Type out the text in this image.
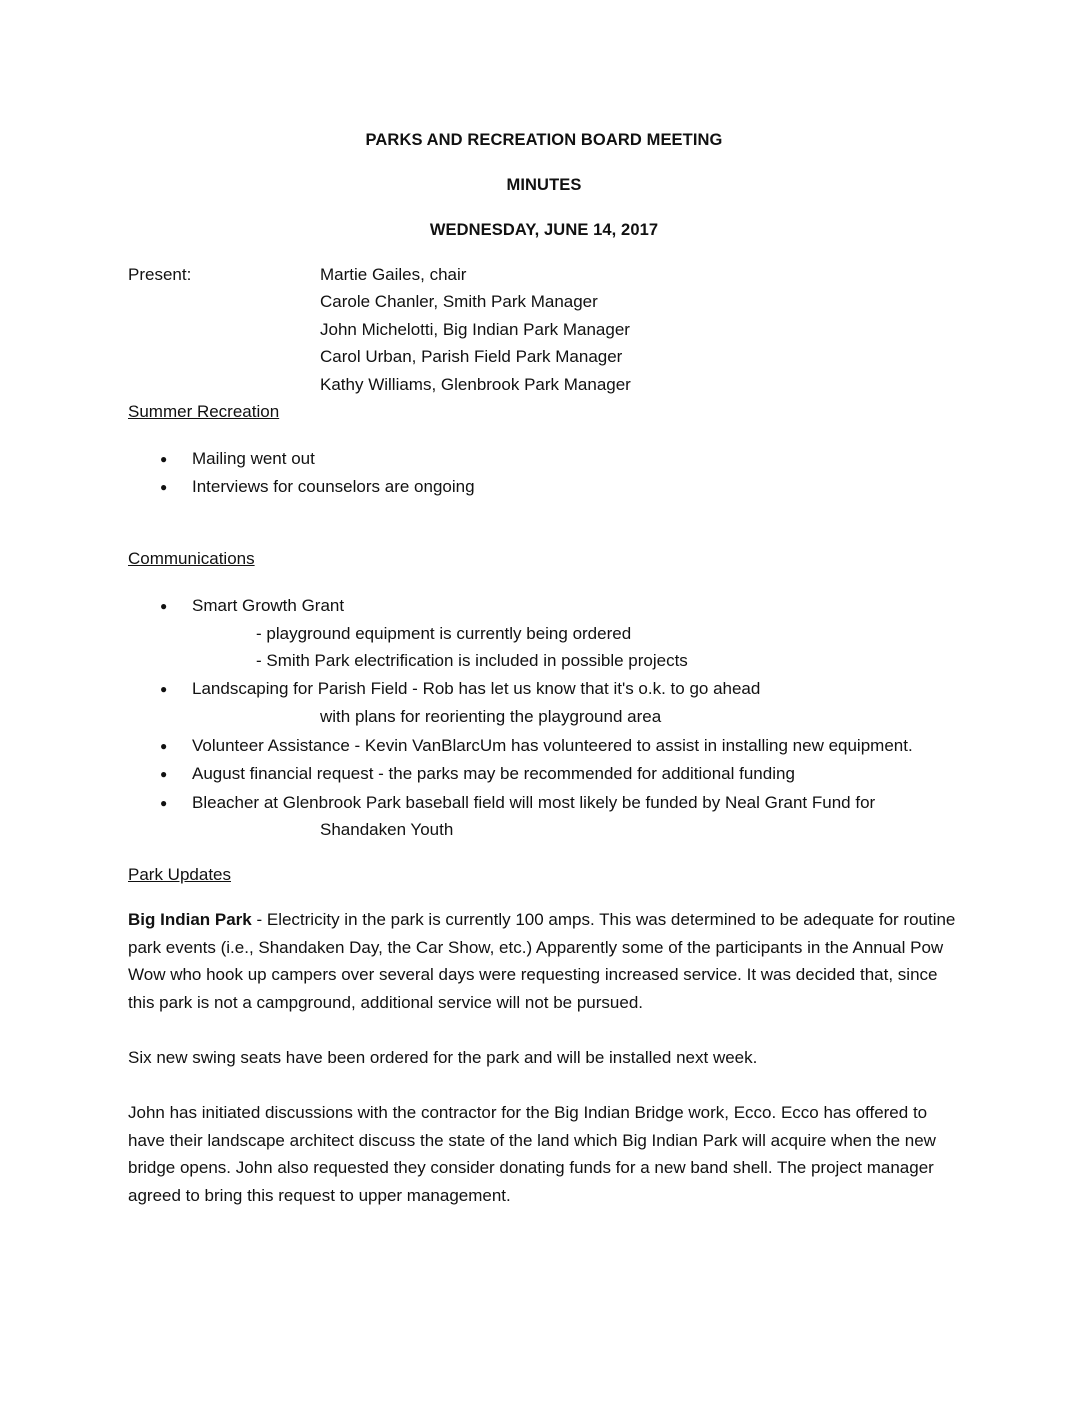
PARKS AND RECREATION BOARD MEETING
MINUTES
WEDNESDAY, JUNE 14, 2017
Present:	Martie Gailes, chair
Carole Chanler, Smith Park Manager
John Michelotti, Big Indian Park Manager
Carol Urban, Parish Field Park Manager
Kathy Williams, Glenbrook Park Manager
Summer Recreation
● Mailing went out
● Interviews for counselors are ongoing
Communications
● Smart Growth Grant
- playground equipment is currently being ordered
- Smith Park electrification is included in possible projects
● Landscaping for Parish Field - Rob has let us know that it's o.k. to go ahead
with plans for reorienting the playground area
● Volunteer Assistance - Kevin VanBlarcUm has volunteered to assist in installing new equipment.
● August financial request - the parks may be recommended for additional funding
● Bleacher at Glenbrook Park baseball field will most likely be funded by Neal Grant Fund for
Shandaken Youth
Park Updates
Big Indian Park - Electricity in the park is currently 100 amps. This was determined to be adequate for routine park events (i.e., Shandaken Day, the Car Show, etc.) Apparently some of the participants in the Annual Pow Wow who hook up campers over several days were requesting increased service. It was decided that, since this park is not a campground, additional service will not be pursued.
Six new swing seats have been ordered for the park and will be installed next week.
John has initiated discussions with the contractor for the Big Indian Bridge work, Ecco. Ecco has offered to have their landscape architect discuss the state of the land which Big Indian Park will acquire when the new bridge opens. John also requested they consider donating funds for a new band shell. The project manager agreed to bring this request to upper management.
